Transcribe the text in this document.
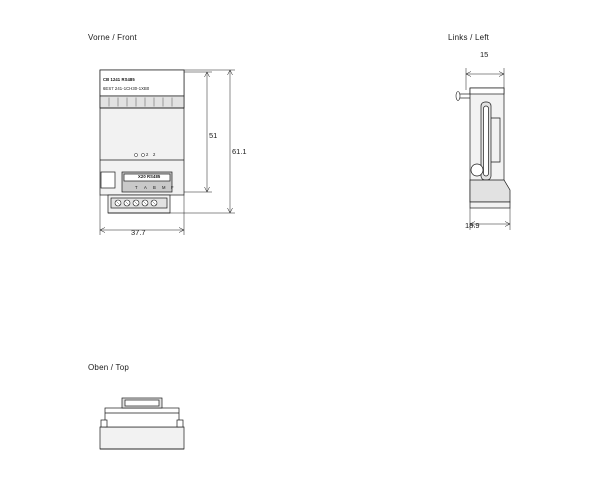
Vorne / Front	Links / Left
Oben / Top
CB 1241 RS485
6ES7 241-1CH30-1XB0
2 2
X20 RS485
T A B M F
51
61.1
37.7
15
18.9
